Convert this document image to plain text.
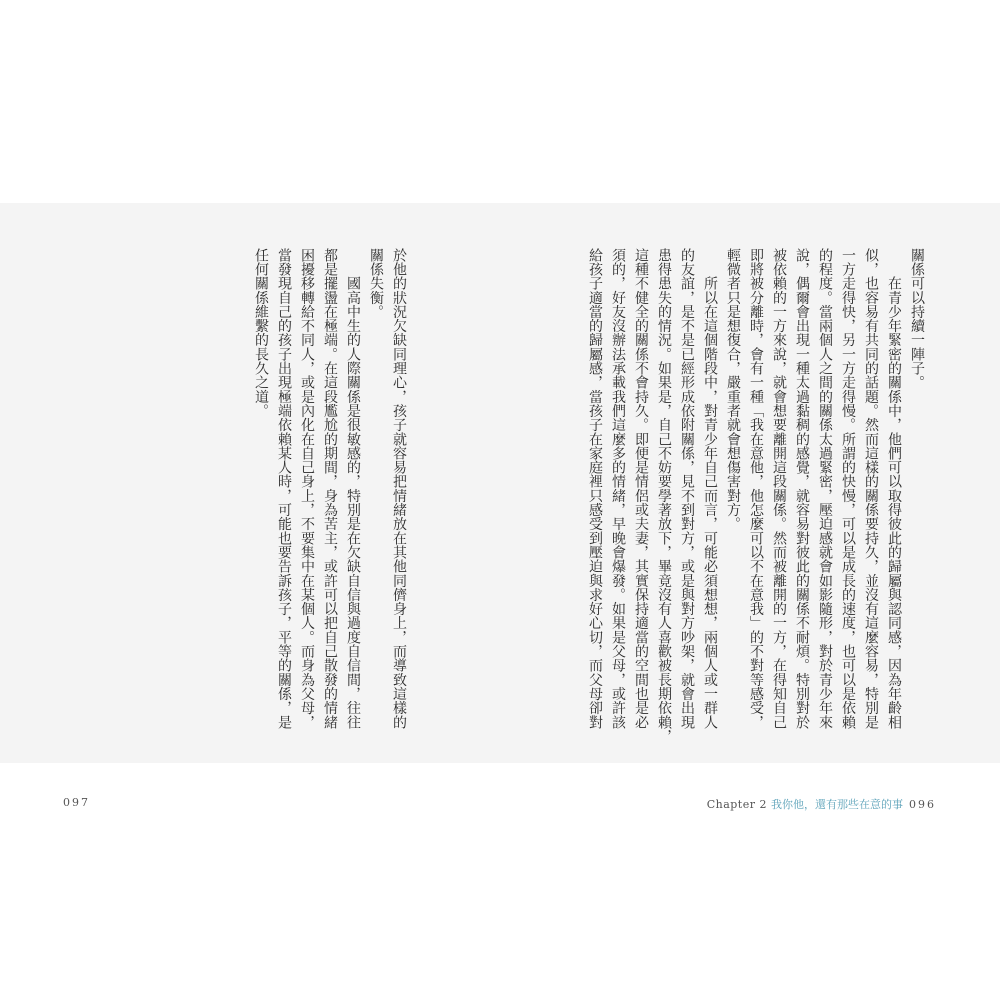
關係可以持續一陣子。
　　在青少年緊密的關係中，他們可以取得彼此的歸屬與認同感，因為年齡相
似，也容易有共同的話題。然而這樣的關係要持久，並沒有這麼容易，特別是
一方走得快，另一方走得慢。所謂的快慢，可以是成長的速度，也可以是依賴
的程度。當兩個人之間的關係太過緊密，壓迫感就會如影隨形，對於青少年來
說，偶爾會出現一種太過黏稠的感覺，就容易對彼此的關係不耐煩。特別對於
被依賴的一方來說，就會想要離開這段關係。然而被離開的一方，在得知自己
即將被分離時，會有一種「我在意他，他怎麼可以不在意我」的不對等感受，
輕微者只是想復合，嚴重者就會想傷害對方。
　　所以在這個階段中，對青少年自己而言，可能必須想想，兩個人或一群人
的友誼，是不是已經形成依附關係，見不到對方，或是與對方吵架，就會出現
患得患失的情況。如果是，自己不妨要學著放下，畢竟沒有人喜歡被長期依賴，
這種不健全的關係不會持久。即便是情侶或夫妻，其實保持適當的空間也是必
須的，好友沒辦法承載我們這麼多的情緒，早晚會爆發。如果是父母，或許該
給孩子適當的歸屬感，當孩子在家庭裡只感受到壓迫與求好心切，而父母卻對
於他的狀況欠缺同理心，孩子就容易把情緒放在其他同儕身上，而導致這樣的
關係失衡。
　　國高中生的人際關係是很敏感的，特別是在欠缺自信與過度自信間，往往
都是擺盪在極端。在這段尷尬的期間，身為苦主，或許可以把自己散發的情緒
困擾移轉給不同人，或是內化在自己身上，不要集中在某個人。而身為父母，
當發現自己的孩子出現極端依賴某人時，可能也要告訴孩子，平等的關係，是
任何關係維繫的長久之道。
097	Chapter 2 我你他，還有那些在意的事 096
